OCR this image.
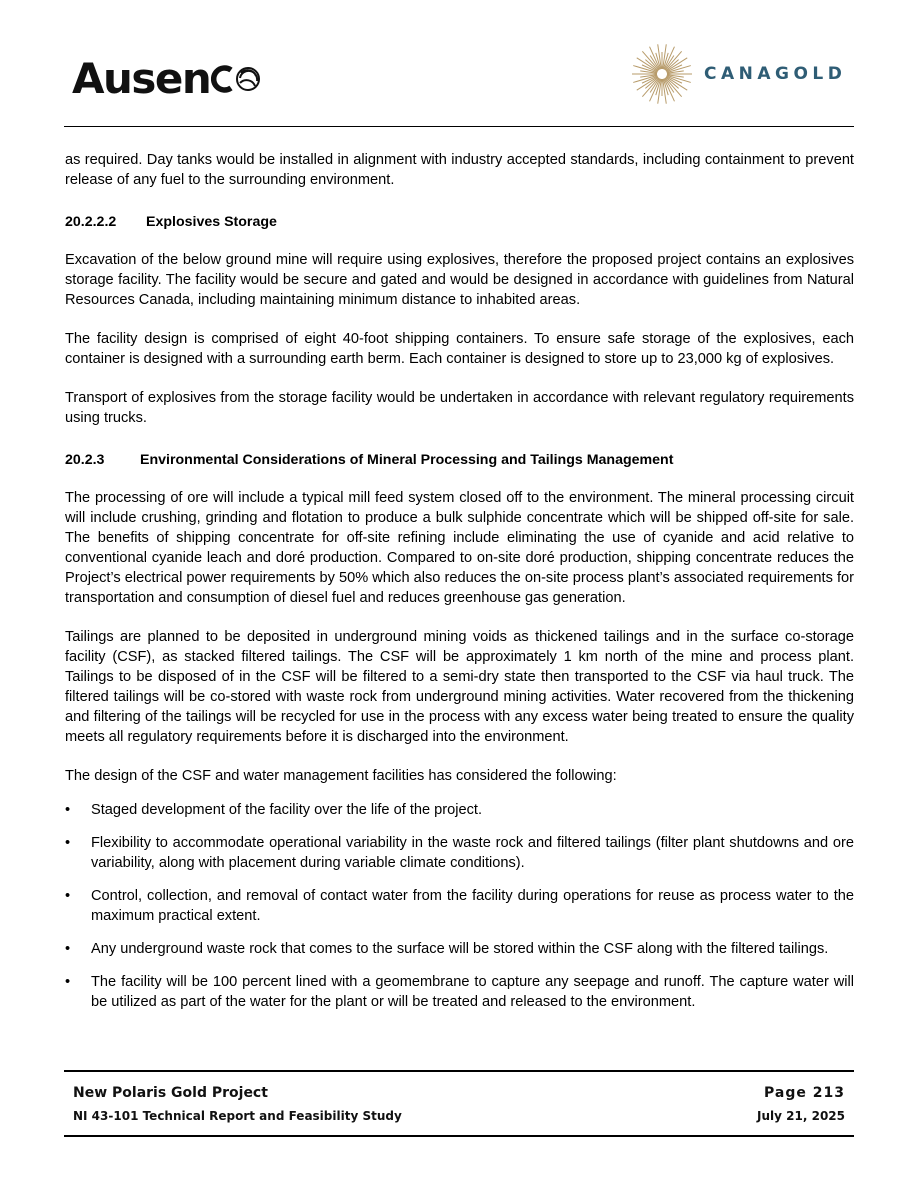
Ausen	CANAGOLD

as required. Day tanks would be installed in alignment with industry accepted standards, including containment to prevent release of any fuel to the surrounding environment.

20.2.2.2	Explosives Storage

Excavation of the below ground mine will require using explosives, therefore the proposed project contains an explosives storage facility. The facility would be secure and gated and would be designed in accordance with guidelines from Natural Resources Canada, including maintaining minimum distance to inhabited areas.

The facility design is comprised of eight 40-foot shipping containers. To ensure safe storage of the explosives, each container is designed with a surrounding earth berm. Each container is designed to store up to 23,000 kg of explosives.

Transport of explosives from the storage facility would be undertaken in accordance with relevant regulatory requirements using trucks.

20.2.3	Environmental Considerations of Mineral Processing and Tailings Management

The processing of ore will include a typical mill feed system closed off to the environment. The mineral processing circuit will include crushing, grinding and flotation to produce a bulk sulphide concentrate which will be shipped off-site for sale. The benefits of shipping concentrate for off-site refining include eliminating the use of cyanide and acid relative to conventional cyanide leach and doré production. Compared to on-site doré production, shipping concentrate reduces the Project’s electrical power requirements by 50% which also reduces the on-site process plant’s associated requirements for transportation and consumption of diesel fuel and reduces greenhouse gas generation.

Tailings are planned to be deposited in underground mining voids as thickened tailings and in the surface co-storage facility (CSF), as stacked filtered tailings. The CSF will be approximately 1 km north of the mine and process plant. Tailings to be disposed of in the CSF will be filtered to a semi-dry state then transported to the CSF via haul truck. The filtered tailings will be co-stored with waste rock from underground mining activities. Water recovered from the thickening and filtering of the tailings will be recycled for use in the process with any excess water being treated to ensure the quality meets all regulatory requirements before it is discharged into the environment.

The design of the CSF and water management facilities has considered the following:

•	Staged development of the facility over the life of the project.
•	Flexibility to accommodate operational variability in the waste rock and filtered tailings (filter plant shutdowns and ore variability, along with placement during variable climate conditions).
•	Control, collection, and removal of contact water from the facility during operations for reuse as process water to the maximum practical extent.
•	Any underground waste rock that comes to the surface will be stored within the CSF along with the filtered tailings.
•	The facility will be 100 percent lined with a geomembrane to capture any seepage and runoff. The capture water will be utilized as part of the water for the plant or will be treated and released to the environment.
New Polaris Gold Project
NI 43-101 Technical Report and Feasibility Study
Page 213
July 21, 2025
